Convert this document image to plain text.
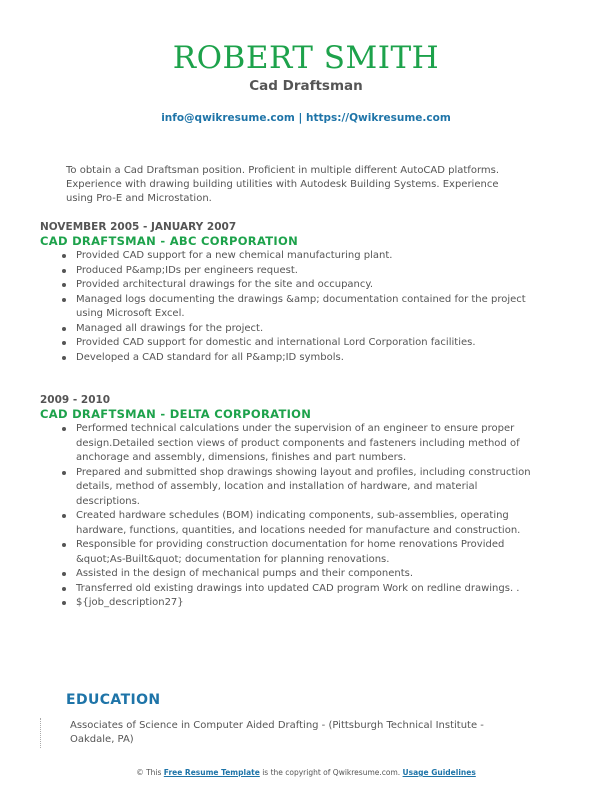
ROBERT SMITH
Cad Draftsman
info@qwikresume.com | https://Qwikresume.com
To obtain a Cad Draftsman position. Proficient in multiple different AutoCAD platforms. Experience with drawing building utilities with Autodesk Building Systems. Experience using Pro-E and Microstation.
NOVEMBER 2005 - JANUARY 2007
CAD DRAFTSMAN - ABC CORPORATION
Provided CAD support for a new chemical manufacturing plant.
Produced P&amp;IDs per engineers request.
Provided architectural drawings for the site and occupancy.
Managed logs documenting the drawings &amp; documentation contained for the project using Microsoft Excel.
Managed all drawings for the project.
Provided CAD support for domestic and international Lord Corporation facilities.
Developed a CAD standard for all P&amp;ID symbols.
2009 - 2010
CAD DRAFTSMAN - DELTA CORPORATION
Performed technical calculations under the supervision of an engineer to ensure proper design.Detailed section views of product components and fasteners including method of anchorage and assembly, dimensions, finishes and part numbers.
Prepared and submitted shop drawings showing layout and profiles, including construction details, method of assembly, location and installation of hardware, and material descriptions.
Created hardware schedules (BOM) indicating components, sub-assemblies, operating hardware, functions, quantities, and locations needed for manufacture and construction.
Responsible for providing construction documentation for home renovations Provided &quot;As-Built&quot; documentation for planning renovations.
Assisted in the design of mechanical pumps and their components.
Transferred old existing drawings into updated CAD program Work on redline drawings. .
${job_description27}
EDUCATION
Associates of Science in Computer Aided Drafting - (Pittsburgh Technical Institute - Oakdale, PA)
© This Free Resume Template is the copyright of Qwikresume.com. Usage Guidelines
